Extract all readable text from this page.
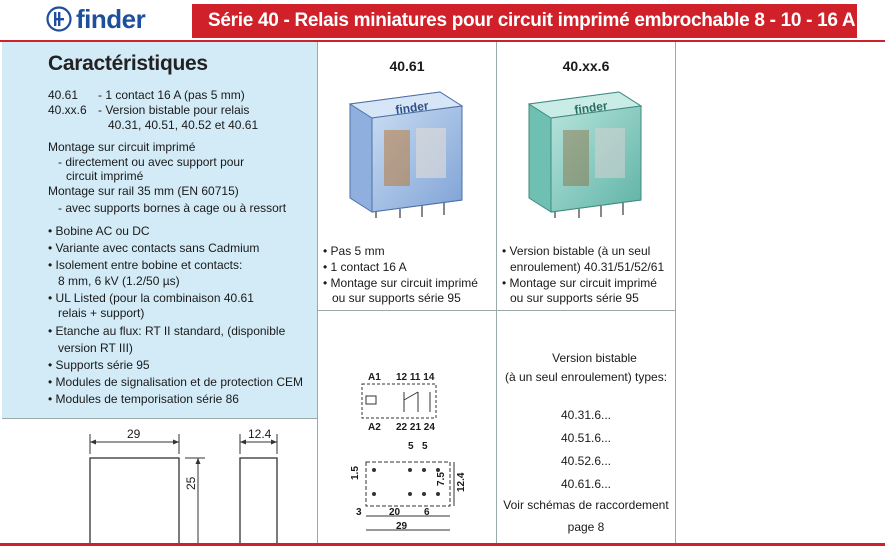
finder	Série 40 - Relais miniatures pour circuit imprimé embrochable 8 - 10 - 16 A
Caractéristiques
40.61 - 1 contact 16 A (pas 5 mm)
40.xx.6 - Version bistable pour relais
40.31, 40.51, 40.52 et 40.61
Montage sur circuit imprimé
- directement ou avec support pour
circuit imprimé
Montage sur rail 35 mm (EN 60715)
- avec supports bornes à cage ou à ressort
• Bobine AC ou DC
• Variante avec contacts sans Cadmium
• Isolement entre bobine et contacts:
8 mm, 6 kV (1.2/50 µs)
• UL Listed (pour la combinaison 40.61
relais + support)
• Etanche au flux: RT II standard, (disponible
version RT III)
• Supports série 95
• Modules de signalisation et de protection CEM
• Modules de temporisation série 86
29	12.4
25
40.61
finder
• Pas 5 mm
• 1 contact 16 A
• Montage sur circuit imprimé
ou sur supports série 95
A1
A2
12 11 14
22 21 24
5 5
1.5	7.5 12.4
3	20 6
29
40.xx.6
finder
• Version bistable (à un seul
enroulement) 40.31/51/52/61
• Montage sur circuit imprimé
ou sur supports série 95
Version bistable
(à un seul enroulement) types:
40.31.6...
40.51.6...
40.52.6...
40.61.6...
Voir schémas de raccordement
page 8
